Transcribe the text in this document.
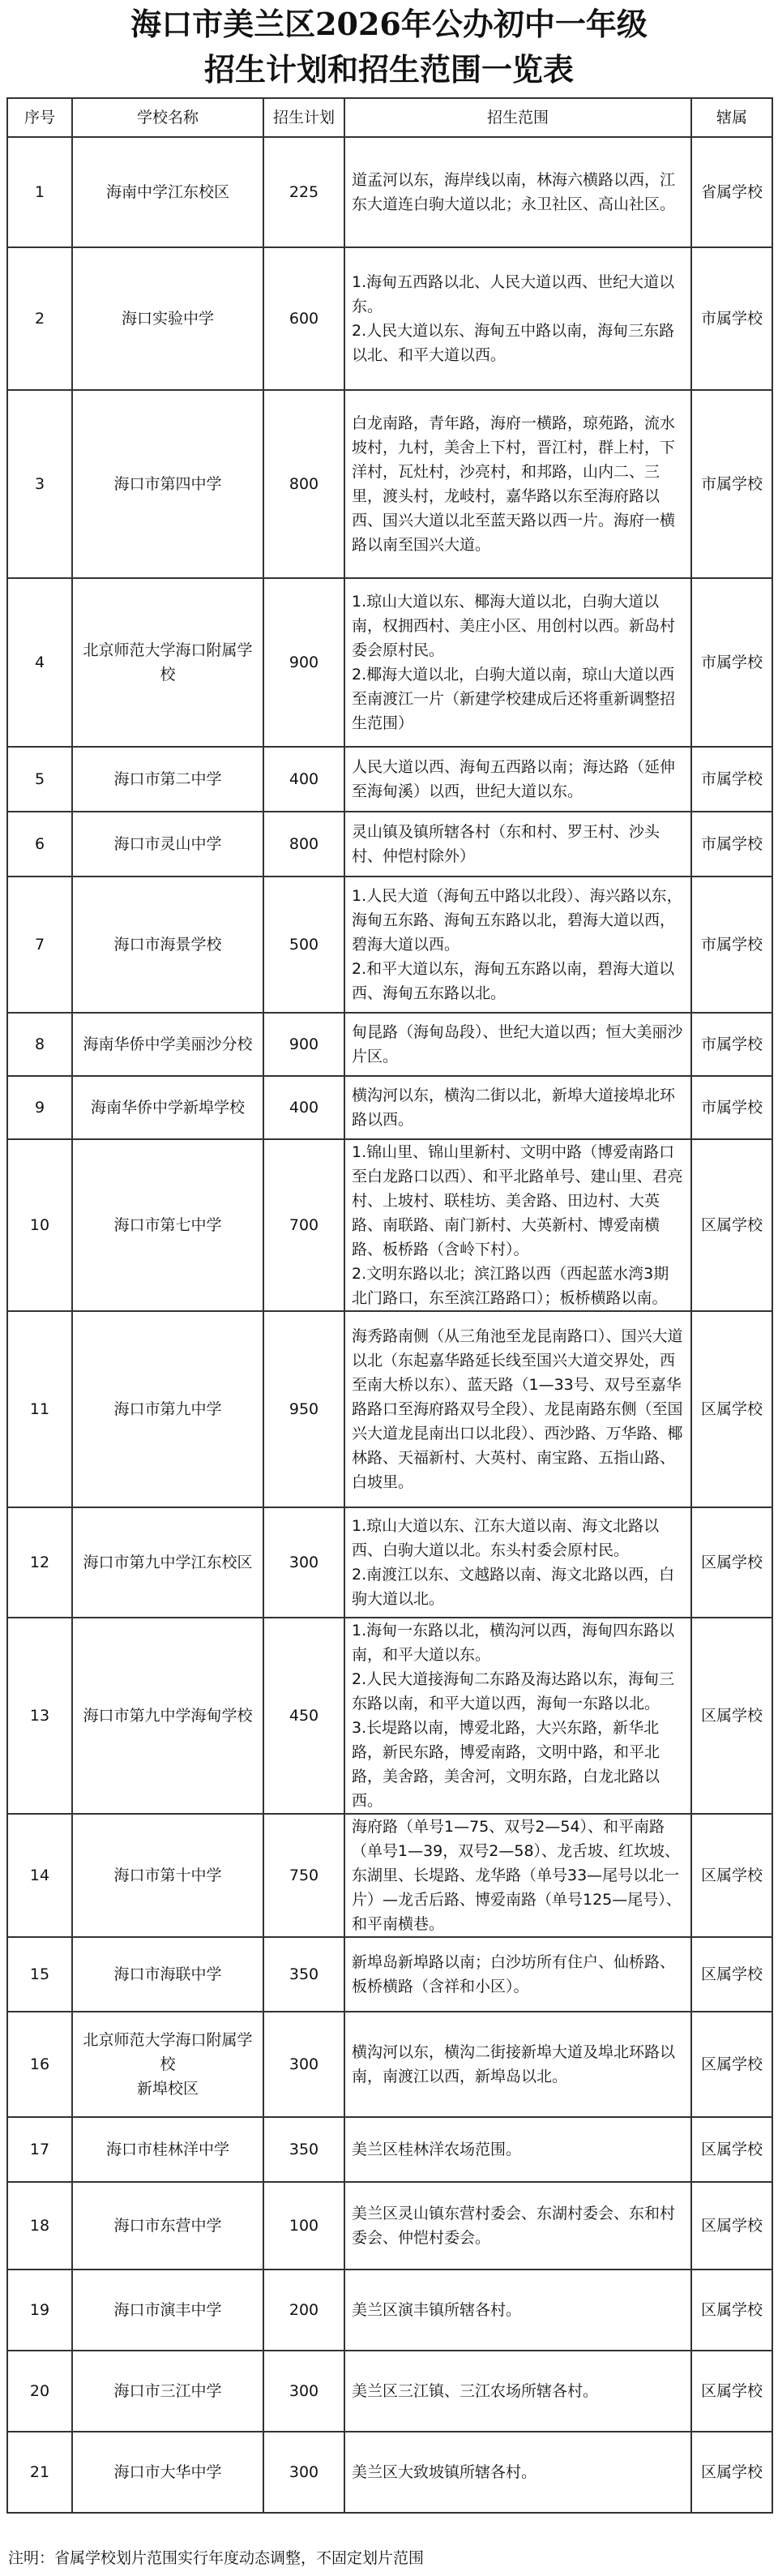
海口市美兰区2026年公办初中一年级
招生计划和招生范围一览表
序号	学校名称	招生计划	招生范围	辖属
1	海南中学江东校区	225	道孟河以东，海岸线以南，林海六横路以西，江东大道连白驹大道以北；永卫社区、高山社区。	省属学校
2	海口实验中学	600	1.海甸五西路以北、人民大道以西、世纪大道以东。
2.人民大道以东、海甸五中路以南，海甸三东路以北、和平大道以西。	市属学校
3	海口市第四中学	800	白龙南路，青年路，海府一横路，琼苑路，流水坡村，九村，美舍上下村，晋江村，群上村，下洋村，瓦灶村，沙亮村，和邦路，山内二、三里，渡头村，龙岐村，嘉华路以东至海府路以西、国兴大道以北至蓝天路以西一片。海府一横路以南至国兴大道。	市属学校
4	北京师范大学海口附属学校	900	1.琼山大道以东、椰海大道以北，白驹大道以南，权拥西村、美庄小区、用创村以西。新岛村委会原村民。
2.椰海大道以北，白驹大道以南，琼山大道以西至南渡江一片（新建学校建成后还将重新调整招生范围）	市属学校
5	海口市第二中学	400	人民大道以西、海甸五西路以南；海达路（延伸至海甸溪）以西，世纪大道以东。	市属学校
6	海口市灵山中学	800	灵山镇及镇所辖各村（东和村、罗王村、沙头村、仲恺村除外）	市属学校
7	海口市海景学校	500	1.人民大道（海甸五中路以北段）、海兴路以东，海甸五东路、海甸五东路以北，碧海大道以西，碧海大道以西。
2.和平大道以东，海甸五东路以南，碧海大道以西、海甸五东路以北。	市属学校
8	海南华侨中学美丽沙分校	900	甸昆路（海甸岛段）、世纪大道以西；恒大美丽沙片区。	市属学校
9	海南华侨中学新埠学校	400	横沟河以东，横沟二街以北，新埠大道接埠北环路以西。	市属学校
10	海口市第七中学	700	1.锦山里、锦山里新村、文明中路（博爱南路口至白龙路口以西）、和平北路单号、建山里、君亮村、上坡村、联桂坊、美舍路、田边村、大英路、南联路、南门新村、大英新村、博爱南横路、板桥路（含岭下村）。
2.文明东路以北；滨江路以西（西起蓝水湾3期北门路口，东至滨江路路口）；板桥横路以南。	区属学校
11	海口市第九中学	950	海秀路南侧（从三角池至龙昆南路口）、国兴大道以北（东起嘉华路延长线至国兴大道交界处，西至南大桥以东）、蓝天路（1—33号、双号至嘉华路路口至海府路双号全段）、龙昆南路东侧（至国兴大道龙昆南出口以北段）、西沙路、万华路、椰林路、天福新村、大英村、南宝路、五指山路、白坡里。	区属学校
12	海口市第九中学江东校区	300	1.琼山大道以东、江东大道以南、海文北路以西、白驹大道以北。东头村委会原村民。
2.南渡江以东、文越路以南、海文北路以西，白驹大道以北。	区属学校
13	海口市第九中学海甸学校	450	1.海甸一东路以北，横沟河以西，海甸四东路以南，和平大道以东。
2.人民大道接海甸二东路及海达路以东，海甸三东路以南，和平大道以西，海甸一东路以北。
3.长堤路以南，博爱北路，大兴东路，新华北路，新民东路，博爱南路，文明中路，和平北路，美舍路，美舍河，文明东路，白龙北路以西。	区属学校
14	海口市第十中学	750	海府路（单号1—75、双号2—54）、和平南路（单号1—39，双号2—58）、龙舌坡、红坎坡、东湖里、长堤路、龙华路（单号33—尾号以北一片）—龙舌后路、博爱南路（单号125—尾号）、和平南横巷。	区属学校
15	海口市海联中学	350	新埠岛新埠路以南；白沙坊所有住户、仙桥路、板桥横路（含祥和小区）。	区属学校
16	北京师范大学海口附属学校
新埠校区	300	横沟河以东，横沟二街接新埠大道及埠北环路以南，南渡江以西，新埠岛以北。	区属学校
17	海口市桂林洋中学	350	美兰区桂林洋农场范围。	区属学校
18	海口市东营中学	100	美兰区灵山镇东营村委会、东湖村委会、东和村委会、仲恺村委会。	区属学校
19	海口市演丰中学	200	美兰区演丰镇所辖各村。	区属学校
20	海口市三江中学	300	美兰区三江镇、三江农场所辖各村。	区属学校
21	海口市大华中学	300	美兰区大致坡镇所辖各村。	区属学校
注明：省属学校划片范围实行年度动态调整，不固定划片范围
